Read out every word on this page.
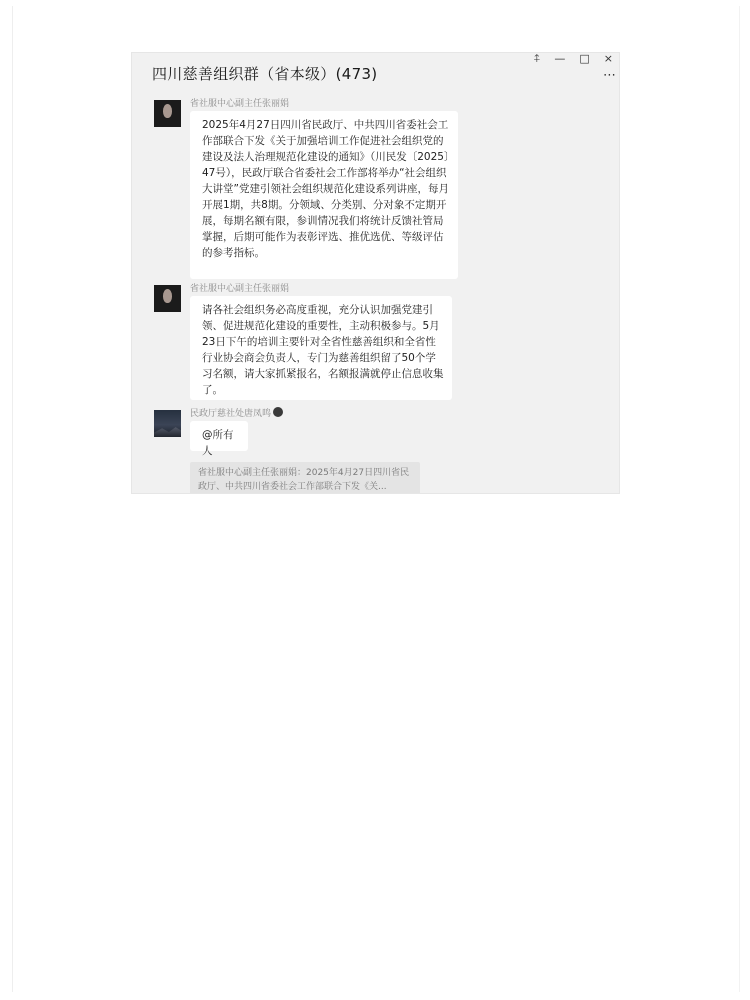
四川慈善组织群（省本级）(473)
⍏ — □ ×
⋯
省社服中心副主任张丽娟
2025年4月27日四川省民政厅、中共四川省委社会工作部联合下发《关于加强培训工作促进社会组织党的建设及法人治理规范化建设的通知》（川民发〔2025〕47号），民政厅联合省委社会工作部将举办“社会组织大讲堂”党建引领社会组织规范化建设系列讲座，每月开展1期，共8期。分领域、分类别、分对象不定期开展，每期名额有限，参训情况我们将统计反馈社管局掌握，后期可能作为表彰评选、推优选优、等级评估的参考指标。
省社服中心副主任张丽娟
请各社会组织务必高度重视，充分认识加强党建引领、促进规范化建设的重要性，主动积极参与。5月23日下午的培训主要针对全省性慈善组织和全省性行业协会商会负责人，专门为慈善组织留了50个学习名额，请大家抓紧报名，名额报满就停止信息收集了。
民政厅慈社处唐凤鸣
@所有人
省社服中心副主任张丽娟：2025年4月27日四川省民政厅、中共四川省委社会工作部联合下发《关...
